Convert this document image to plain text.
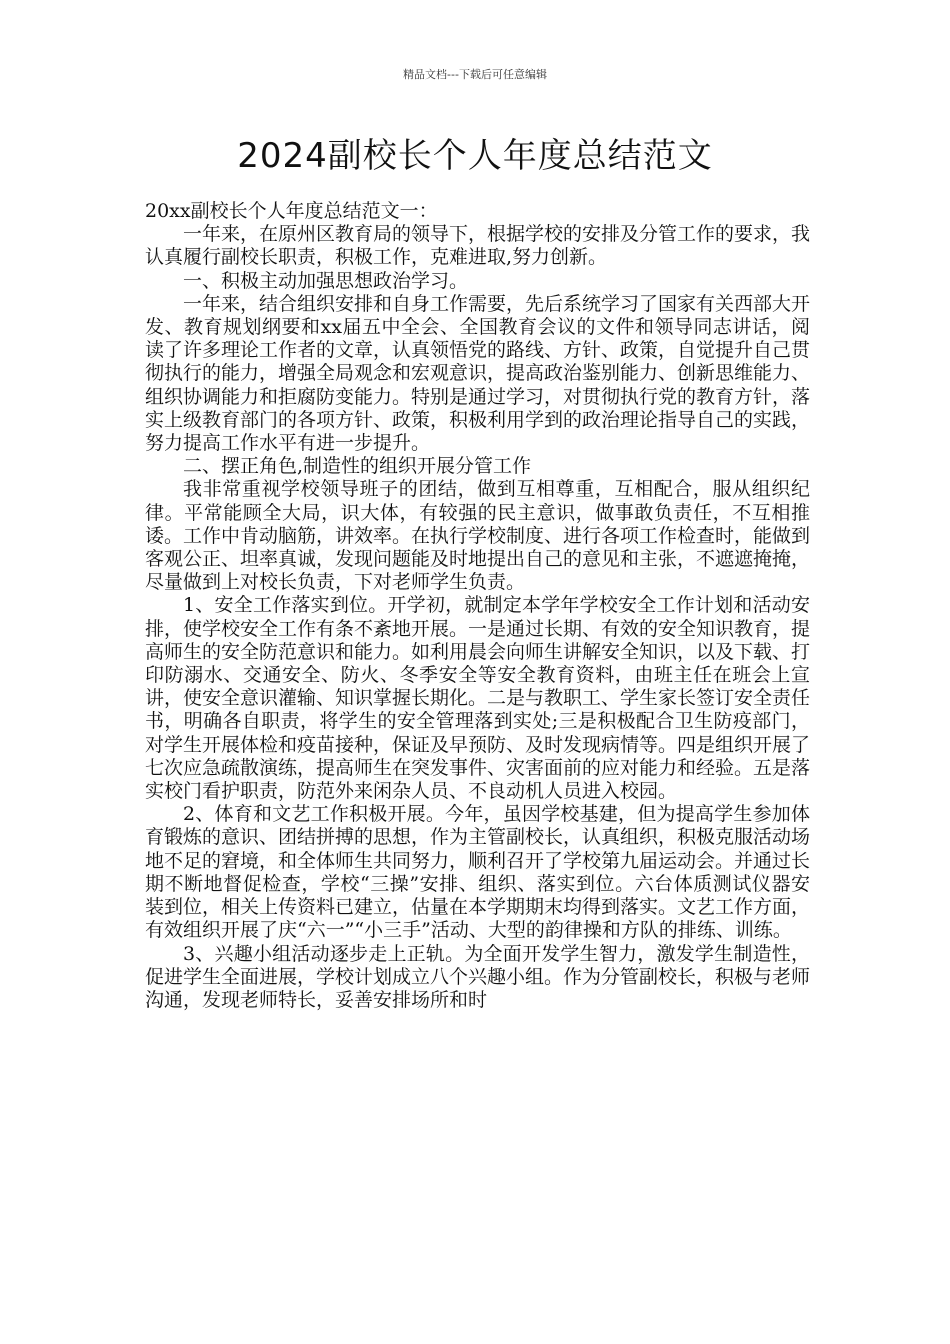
精品文档---下载后可任意编辑
2024副校长个人年度总结范文

20xx副校长个人年度总结范文一：

一年来，在原州区教育局的领导下，根据学校的安排及分管工作的要求，我认真履行副校长职责，积极工作，克难进取,努力创新。

一、积极主动加强思想政治学习。

一年来，结合组织安排和自身工作需要，先后系统学习了国家有关西部大开发、教育规划纲要和xx届五中全会、全国教育会议的文件和领导同志讲话，阅读了许多理论工作者的文章，认真领悟党的路线、方针、政策，自觉提升自己贯彻执行的能力，增强全局观念和宏观意识，提高政治鉴别能力、创新思维能力、组织协调能力和拒腐防变能力。特别是通过学习，对贯彻执行党的教育方针，落实上级教育部门的各项方针、政策，积极利用学到的政治理论指导自己的实践，努力提高工作水平有进一步提升。

二、摆正角色,制造性的组织开展分管工作

我非常重视学校领导班子的团结，做到互相尊重，互相配合，服从组织纪律。平常能顾全大局，识大体，有较强的民主意识，做事敢负责任，不互相推诿。工作中肯动脑筋，讲效率。在执行学校制度、进行各项工作检查时，能做到客观公正、坦率真诚，发现问题能及时地提出自己的意见和主张，不遮遮掩掩，尽量做到上对校长负责，下对老师学生负责。

1、安全工作落实到位。开学初，就制定本学年学校安全工作计划和活动安排，使学校安全工作有条不紊地开展。一是通过长期、有效的安全知识教育，提高师生的安全防范意识和能力。如利用晨会向师生讲解安全知识，以及下载、打印防溺水、交通安全、防火、冬季安全等安全教育资料，由班主任在班会上宣讲，使安全意识灌输、知识掌握长期化。二是与教职工、学生家长签订安全责任书，明确各自职责，将学生的安全管理落到实处;三是积极配合卫生防疫部门，对学生开展体检和疫苗接种，保证及早预防、及时发现病情等。四是组织开展了七次应急疏散演练，提高师生在突发事件、灾害面前的应对能力和经验。五是落实校门看护职责，防范外来闲杂人员、不良动机人员进入校园。

2、体育和文艺工作积极开展。今年，虽因学校基建，但为提高学生参加体育锻炼的意识、团结拼搏的思想，作为主管副校长，认真组织，积极克服活动场地不足的窘境，和全体师生共同努力，顺利召开了学校第九届运动会。并通过长期不断地督促检查，学校“三操”安排、组织、落实到位。六台体质测试仪器安装到位，相关上传资料已建立，估量在本学期期末均得到落实。文艺工作方面，有效组织开展了庆“六一”“小三手”活动、大型的韵律操和方队的排练、训练。

3、兴趣小组活动逐步走上正轨。为全面开发学生智力，激发学生制造性，促进学生全面进展，学校计划成立八个兴趣小组。作为分管副校长，积极与老师沟通，发现老师特长，妥善安排场所和时
